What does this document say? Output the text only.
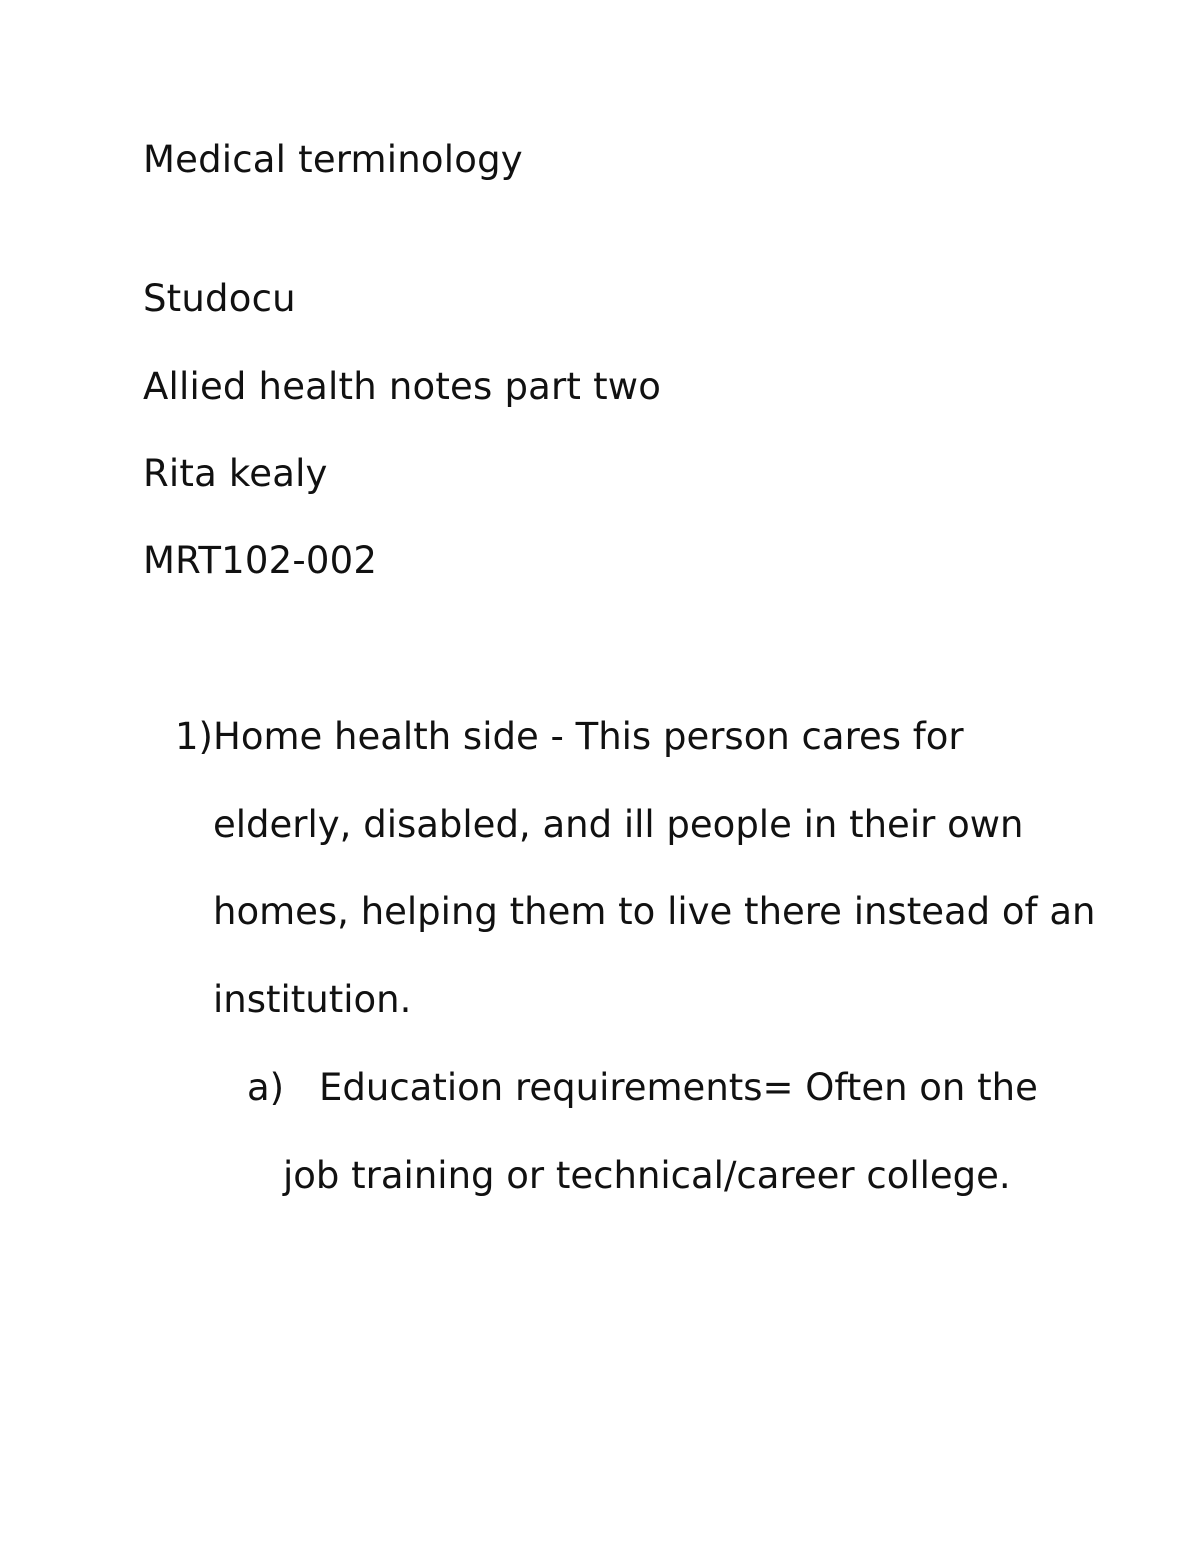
Medical terminology
Studocu
Allied health notes part two
Rita kealy
MRT102-002
1) Home health side - This person cares for elderly, disabled, and ill people in their own homes, helping them to live there instead of an institution.
a) Education requirements= Often on the job training or technical/career college.
